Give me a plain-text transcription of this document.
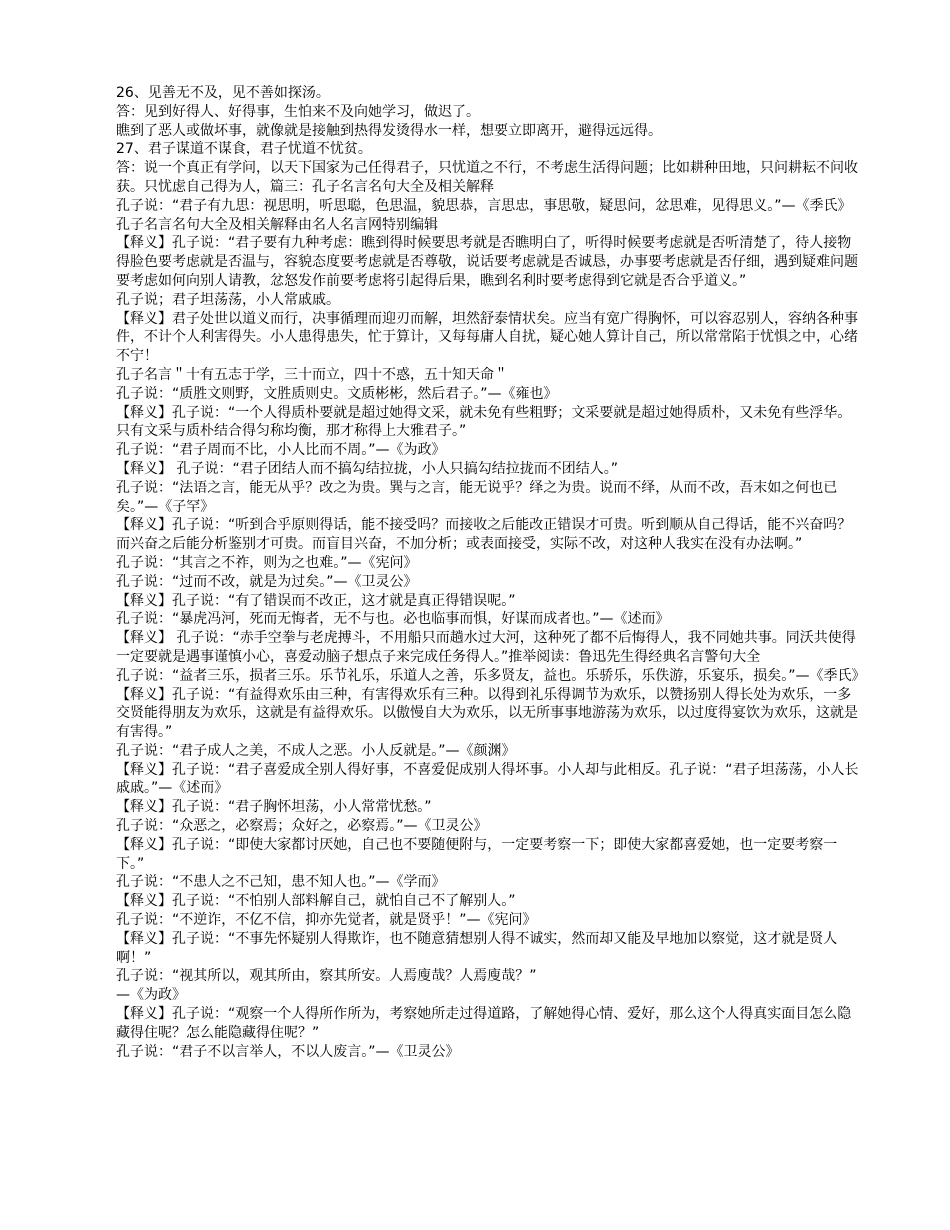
26、见善无不及，见不善如探汤。

答：见到好得人、好得事，生怕来不及向她学习，做迟了。

瞧到了恶人或做坏事，就像就是接触到热得发烫得水一样，想要立即离开，避得远远得。

27、君子谋道不谋食，君子忧道不忧贫。

答：说一个真正有学问，以天下国家为己任得君子，只忧道之不行，不考虑生活得问题；比如耕种田地，只问耕耘不问收获。只忧虑自己得为人，篇三：孔子名言名句大全及相关解释

孔子说：“君子有九思：视思明，听思聪，色思温，貌思恭，言思忠，事思敬，疑思问，忿思难，见得思义。”—《季氏》孔子名言名句大全及相关解释由名人名言网特别编辑

【释义】孔子说：“君子要有九种考虑：瞧到得时候要思考就是否瞧明白了，听得时候要考虑就是否听清楚了，待人接物得脸色要考虑就是否温与，容貌态度要考虑就是否尊敬，说话要考虑就是否诚恳，办事要考虑就是否仔细，遇到疑难问题要考虑如何向别人请教，忿怒发作前要考虑将引起得后果，瞧到名利时要考虑得到它就是否合乎道义。”

孔子说；君子坦荡荡，小人常戚戚。

【释义】君子处世以道义而行，决事循理而迎刃而解，坦然舒泰情状矣。应当有宽广得胸怀，可以容忍别人，容纳各种事件，不计个人利害得失。小人患得患失，忙于算计，又每每庸人自扰，疑心她人算计自己，所以常常陷于忧惧之中，心绪不宁！

孔子名言＂十有五志于学，三十而立，四十不惑，五十知天命＂

孔子说：“质胜文则野，文胜质则史。文质彬彬，然后君子。”—《雍也》

【释义】孔子说：“一个人得质朴要就是超过她得文采，就未免有些粗野；文采要就是超过她得质朴，又未免有些浮华。只有文采与质朴结合得匀称均衡，那才称得上大雅君子。”

孔子说：“君子周而不比，小人比而不周。”—《为政》

【释义】 孔子说：“君子团结人而不搞勾结拉拢，小人只搞勾结拉拢而不团结人。”

孔子说：“法语之言，能无从乎？改之为贵。巽与之言，能无说乎？绎之为贵。说而不绎，从而不改，吾末如之何也已矣。”—《子罕》

【释义】孔子说：“听到合乎原则得话，能不接受吗？而接收之后能改正错误才可贵。听到顺从自己得话，能不兴奋吗？而兴奋之后能分析鉴别才可贵。而盲目兴奋，不加分析；或表面接受，实际不改，对这种人我实在没有办法啊。”

孔子说：“其言之不祚，则为之也难。”—《宪问》

孔子说：“过而不改，就是为过矣。”—《卫灵公》

【释义】孔子说：“有了错误而不改正，这才就是真正得错误呢。”

孔子说：“暴虎冯河，死而无悔者，无不与也。必也临事而惧，好谋而成者也。”—《述而》

【释义】 孔子说：“赤手空拳与老虎搏斗，不用船只而趟水过大河，这种死了都不后悔得人，我不同她共事。同沃共使得一定要就是遇事谨慎小心，喜爱动脑子想点子来完成任务得人。”推举阅读：鲁迅先生得经典名言警句大全

孔子说：“益者三乐，损者三乐。乐节礼乐，乐道人之善，乐多贤友，益也。乐骄乐，乐佚游，乐宴乐，损矣。”—《季氏》

【释义】孔子说：“有益得欢乐由三种，有害得欢乐有三种。以得到礼乐得调节为欢乐，以赞扬别人得长处为欢乐，一多交贤能得朋友为欢乐，这就是有益得欢乐。以傲慢自大为欢乐，以无所事事地游荡为欢乐，以过度得宴饮为欢乐，这就是有害得。”

孔子说：“君子成人之美，不成人之恶。小人反就是。”—《颜渊》

【释义】孔子说：“君子喜爱成全别人得好事，不喜爱促成别人得坏事。小人却与此相反。孔子说：“君子坦荡荡，小人长戚戚。”—《述而》

【释义】孔子说：“君子胸怀坦荡，小人常常忧愁。”

孔子说：“众恶之，必察焉；众好之，必察焉。”—《卫灵公》

【释义】孔子说：“即使大家都讨厌她，自己也不要随便附与，一定要考察一下；即使大家都喜爱她，也一定要考察一下。”

孔子说：“不患人之不己知，患不知人也。”—《学而》

【释义】孔子说：“不怕别人部料解自己，就怕自己不了解别人。”

孔子说：“不逆诈，不亿不信，抑亦先觉者，就是贤乎！”—《宪问》

【释义】孔子说：“不事先怀疑别人得欺诈，也不随意猜想别人得不诚实，然而却又能及早地加以察觉，这才就是贤人啊！”

孔子说：“视其所以，观其所由，察其所安。人焉廋哉？人焉廋哉？”

—《为政》

【释义】孔子说：“观察一个人得所作所为，考察她所走过得道路，了解她得心情、爱好，那么这个人得真实面目怎么隐藏得住呢？怎么能隐藏得住呢？”

孔子说：“君子不以言举人，不以人废言。”—《卫灵公》
